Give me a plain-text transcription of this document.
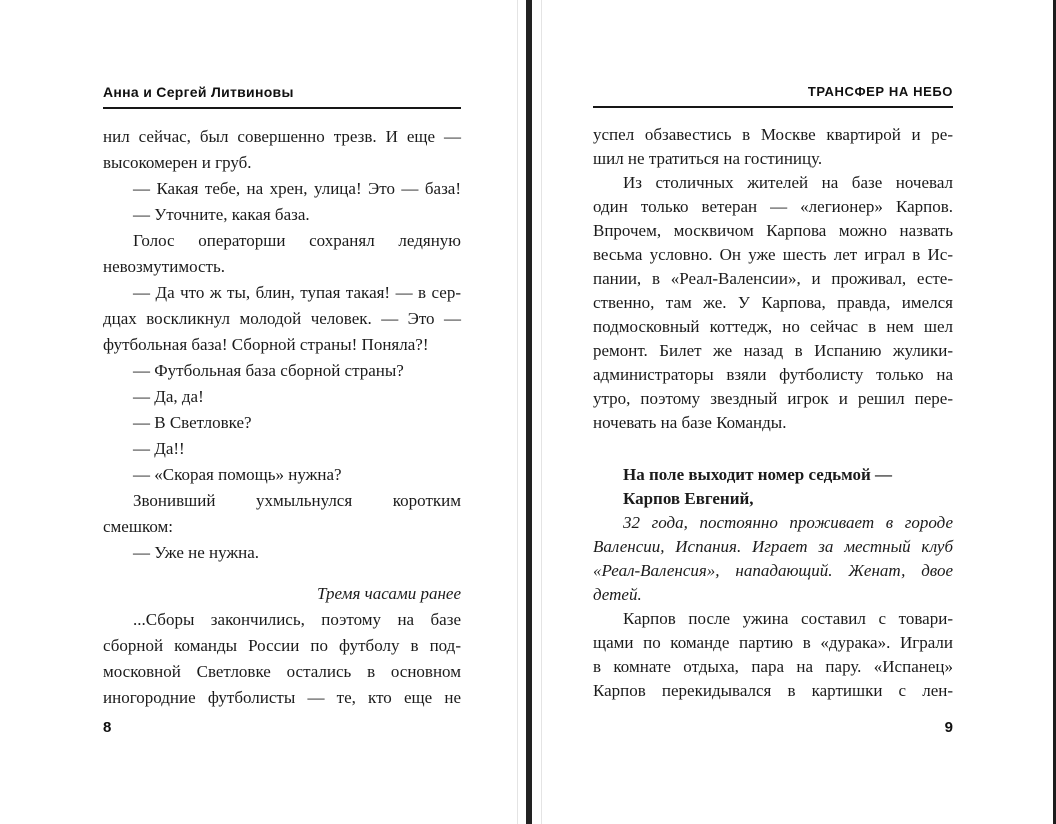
Анна и Сергей Литвиновы
нил сейчас, был совершенно трезв. И еще —
высокомерен и груб.
— Какая тебе, на хрен, улица! Это — база!
— Уточните, какая база.
Голос операторши сохранял ледяную
невозмутимость.
— Да что ж ты, блин, тупая такая! — в сер-
дцах воскликнул молодой человек. — Это —
футбольная база! Сборной страны! Поняла?!
— Футбольная база сборной страны?
— Да, да!
— В Светловке?
— Да!!
— «Скорая помощь» нужна?
Звонивший ухмыльнулся коротким
смешком:
— Уже не нужна.
Тремя часами ранее
...Сборы закончились, поэтому на базе
сборной команды России по футболу в под-
московной Светловке остались в основном
иногородние футболисты — те, кто еще не
8
ТРАНСФЕР НА НЕБО
успел обзавестись в Москве квартирой и ре-
шил не тратиться на гостиницу.
Из столичных жителей на базе ночевал
один только ветеран — «легионер» Карпов.
Впрочем, москвичом Карпова можно назвать
весьма условно. Он уже шесть лет играл в Ис-
пании, в «Реал-Валенсии», и проживал, есте-
ственно, там же. У Карпова, правда, имелся
подмосковный коттедж, но сейчас в нем шел
ремонт. Билет же назад в Испанию жулики-
администраторы взяли футболисту только на
утро, поэтому звездный игрок и решил пере-
ночевать на базе Команды.
На поле выходит номер седьмой —
Карпов Евгений,
32 года, постоянно проживает в городе
Валенсии, Испания. Играет за местный клуб
«Реал-Валенсия», нападающий. Женат, двое
детей.
Карпов после ужина составил с товари-
щами по команде партию в «дурака». Играли
в комнате отдыха, пара на пару. «Испанец»
Карпов перекидывался в картишки с лен-
9
